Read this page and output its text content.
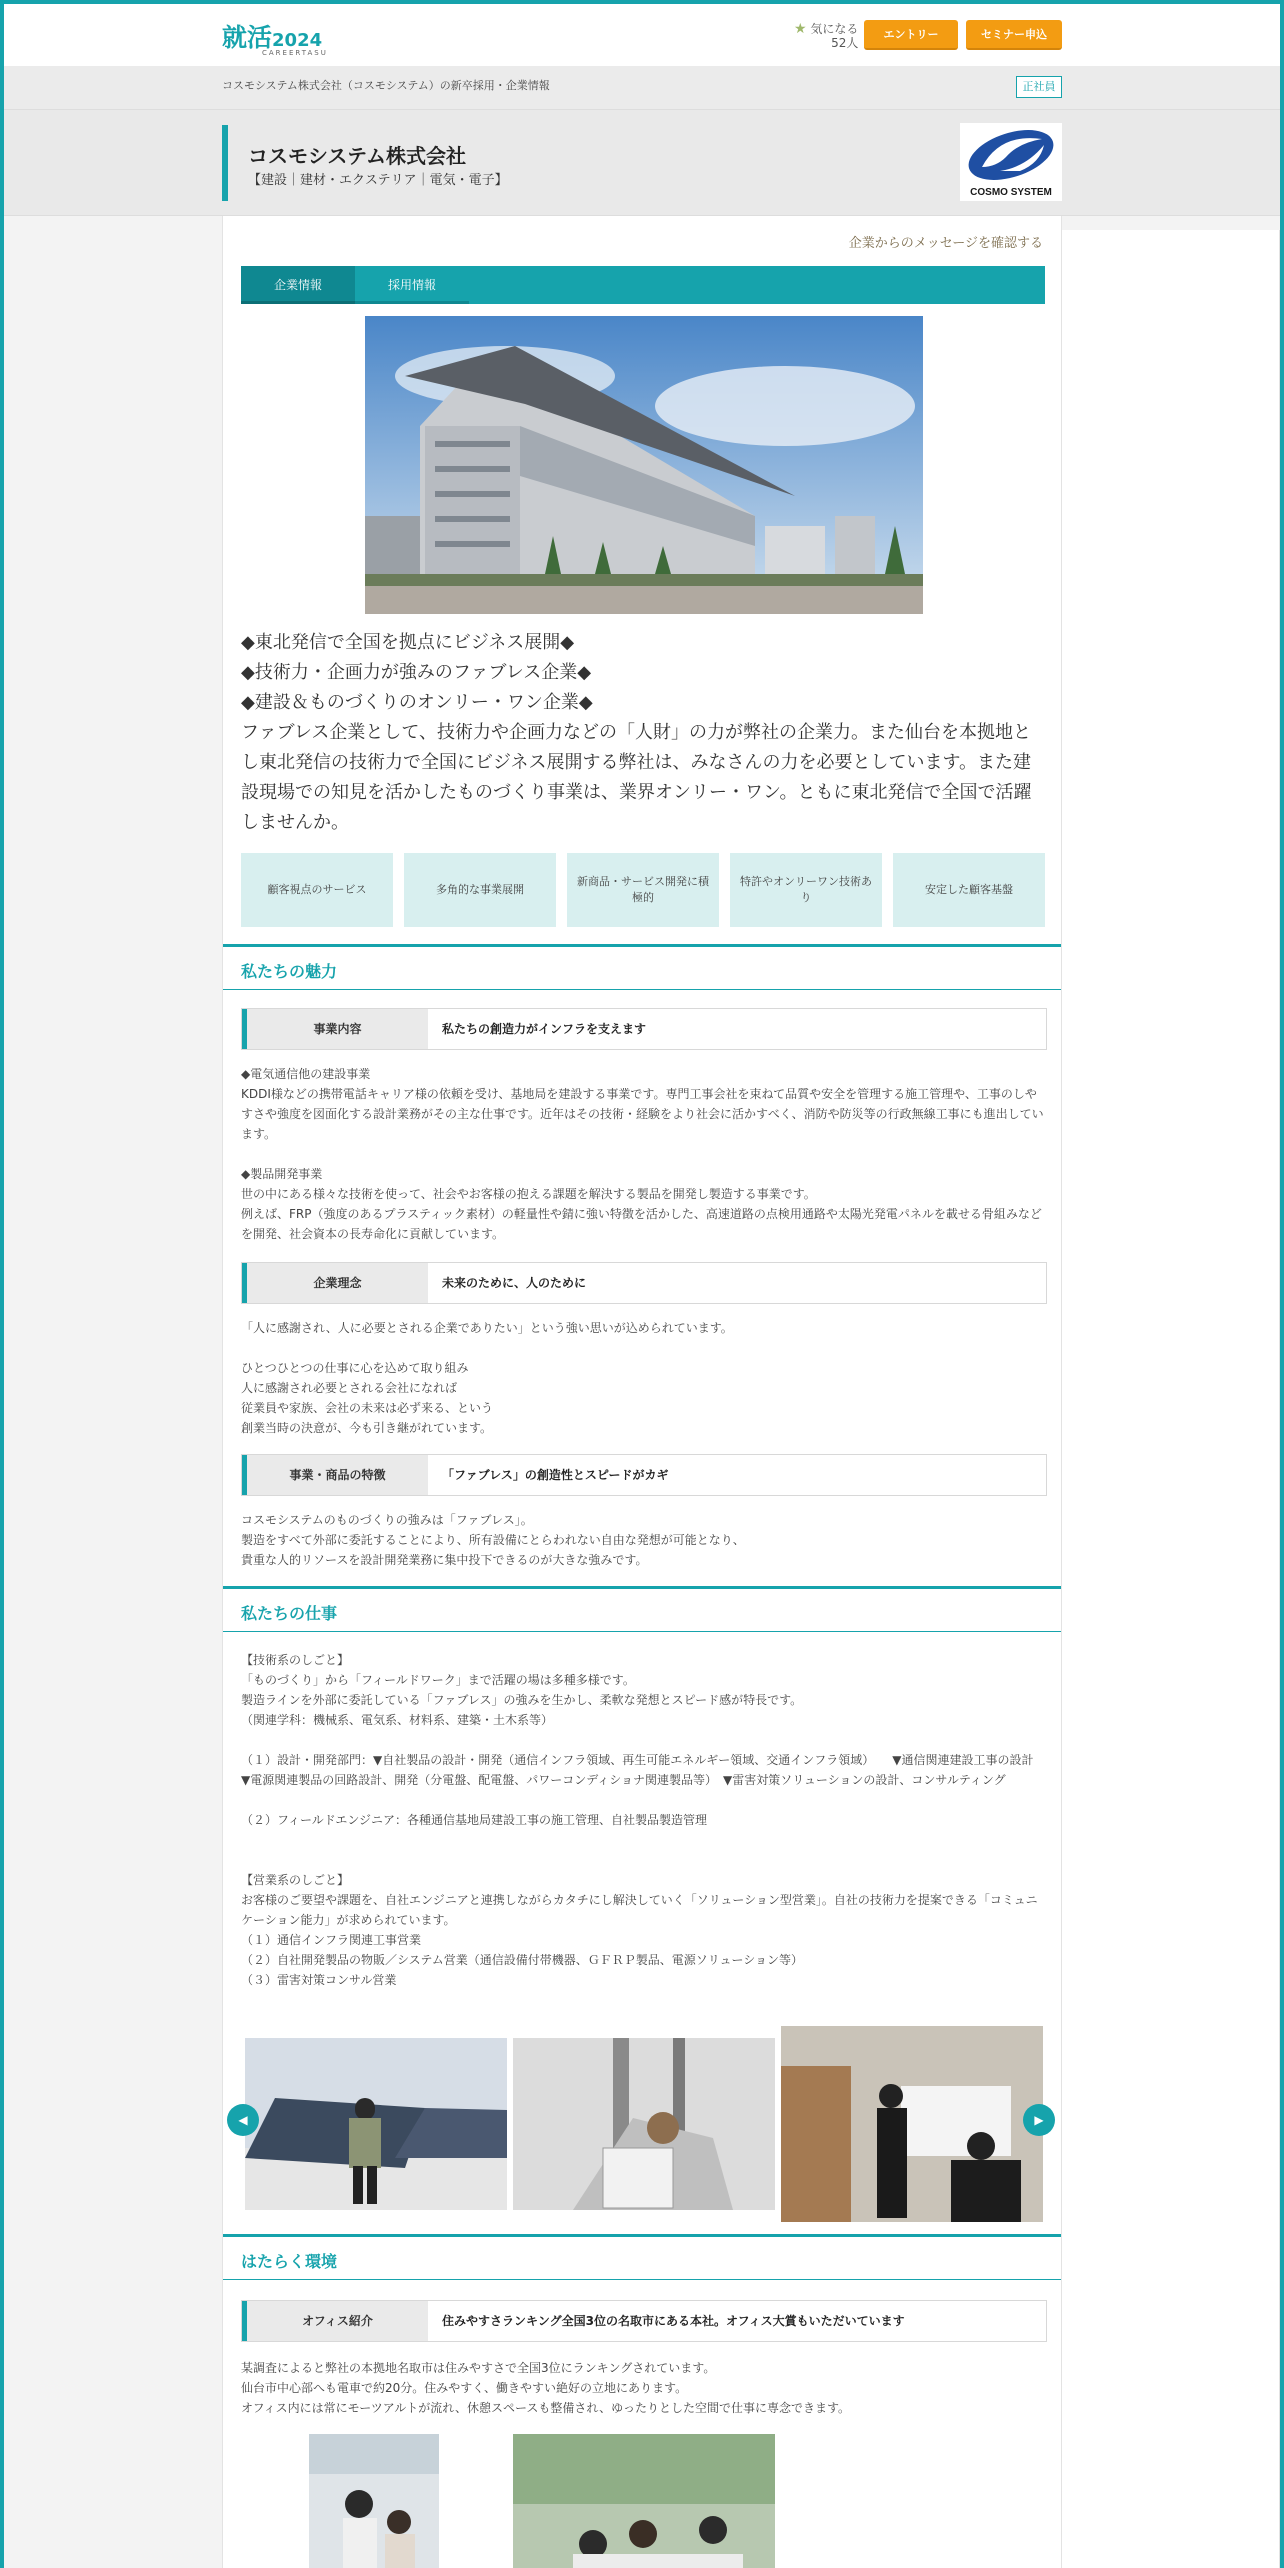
就活2024
CAREERTASU
★ 気になる
52人
エントリー	セミナー申込
コスモシステム株式会社（コスモシステム）の新卒採用・企業情報	正社員
コスモシステム株式会社
【建設｜建材・エクステリア｜電気・電子】
COSMO SYSTEM
企業からのメッセージを確認する
企業情報	採用情報
◆東北発信で全国を拠点にビジネス展開◆
◆技術力・企画力が強みのファブレス企業◆
◆建設＆ものづくりのオンリー・ワン企業◆
ファブレス企業として、技術力や企画力などの「人財」の力が弊社の企業力。また仙台を本拠地とし東北発信の技術力で全国にビジネス展開する弊社は、みなさんの力を必要としています。また建設現場での知見を活かしたものづくり事業は、業界オンリー・ワン。ともに東北発信で全国で活躍しませんか。
顧客視点のサービス	多角的な事業展開
新商品・サービス開発に積極的
特許やオンリーワン技術あり
安定した顧客基盤
私たちの魅力
事業内容	私たちの創造力がインフラを支えます
◆電気通信他の建設事業
KDDI様などの携帯電話キャリア様の依頼を受け、基地局を建設する事業です。専門工事会社を束ねて品質や安全を管理する施工管理や、工事のしやすさや強度を図面化する設計業務がその主な仕事です。近年はその技術・経験をより社会に活かすべく、消防や防災等の行政無線工事にも進出しています。

◆製品開発事業
世の中にある様々な技術を使って、社会やお客様の抱える課題を解決する製品を開発し製造する事業です。
例えば、FRP（強度のあるプラスティック素材）の軽量性や錆に強い特徴を活かした、高速道路の点検用通路や太陽光発電パネルを載せる骨組みなどを開発、社会資本の長寿命化に貢献しています。
企業理念	未来のために、人のために
「人に感謝され、人に必要とされる企業でありたい」という強い思いが込められています。

ひとつひとつの仕事に心を込めて取り組み
人に感謝され必要とされる会社になれば
従業員や家族、会社の未来は必ず来る、という
創業当時の決意が、今も引き継がれています。
事業・商品の特徴	「ファブレス」の創造性とスピードがカギ
コスモシステムのものづくりの強みは「ファブレス」。
製造をすべて外部に委託することにより、所有設備にとらわれない自由な発想が可能となり、
貴重な人的リソースを設計開発業務に集中投下できるのが大きな強みです。
私たちの仕事
【技術系のしごと】
「ものづくり」から「フィールドワーク」まで活躍の場は多種多様です。
製造ラインを外部に委託している「ファブレス」の強みを生かし、柔軟な発想とスピード感が特長です。
（関連学科：機械系、電気系、材料系、建築・土木系等）

（１）設計・開発部門：▼自社製品の設計・開発（通信インフラ領域、再生可能エネルギー領域、交通インフラ領域）　　▼通信関連建設工事の設計　　▼電源関連製品の回路設計、開発（分電盤、配電盤、パワーコンディショナ関連製品等）　▼雷害対策ソリューションの設計、コンサルティング

（２）フィールドエンジニア：各種通信基地局建設工事の施工管理、自社製品製造管理

【営業系のしごと】
お客様のご要望や課題を、自社エンジニアと連携しながらカタチにし解決していく「ソリューション型営業」。自社の技術力を提案できる「コミュニケーション能力」が求められています。
（１）通信インフラ関連工事営業
（２）自社開発製品の物販／システム営業（通信設備付帯機器、ＧＦＲＰ製品、電源ソリューション等）
（３）雷害対策コンサル営業
◀	▶
はたらく環境
オフィス紹介	住みやすさランキング全国3位の名取市にある本社。オフィス大賞もいただいています
某調査によると弊社の本拠地名取市は住みやすさで全国3位にランキングされています。
仙台市中心部へも電車で約20分。住みやすく、働きやすい絶好の立地にあります。
オフィス内には常にモーツアルトが流れ、休憩スペースも整備され、ゆったりとした空間で仕事に専念できます。
